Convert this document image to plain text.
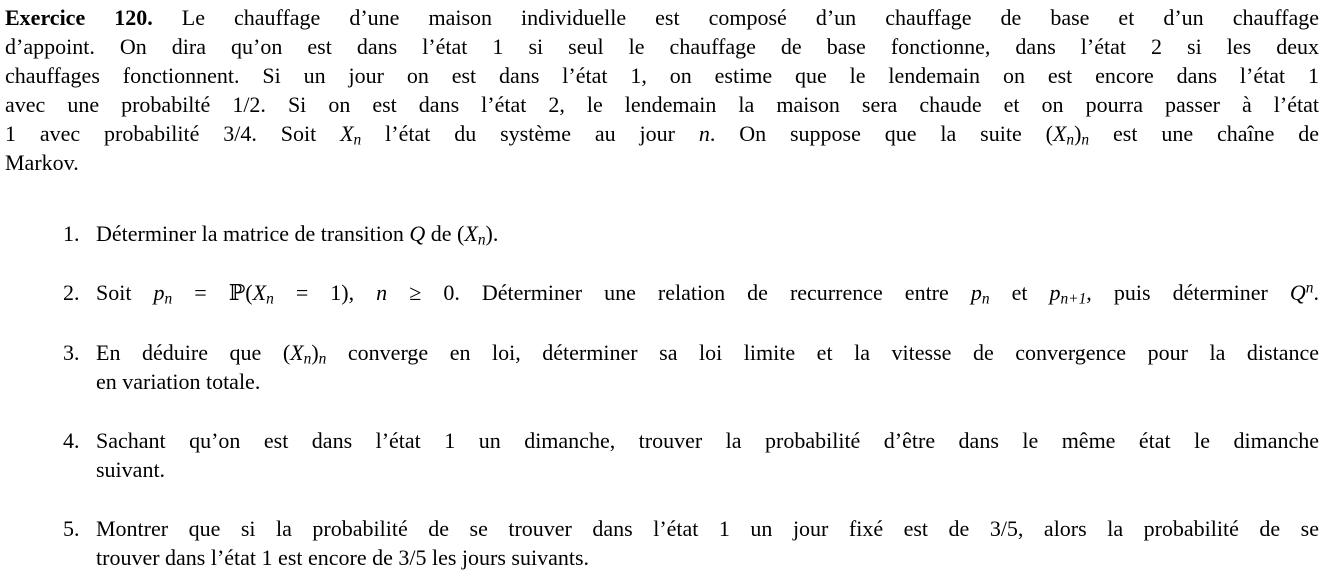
Exercice 120. Le chauffage d’une maison individuelle est composé d’un chauffage de base et d’un chauffage
d’appoint. On dira qu’on est dans l’état 1 si seul le chauffage de base fonctionne, dans l’état 2 si les deux
chauffages fonctionnent. Si un jour on est dans l’état 1, on estime que le lendemain on est encore dans l’état 1
avec une probabilté 1/2. Si on est dans l’état 2, le lendemain la maison sera chaude et on pourra passer à l’état
1 avec probabilité 3/4. Soit Xn l’état du système au jour n. On suppose que la suite (Xn)n est une chaîne de
Markov.
1. Déterminer la matrice de transition Q de (Xn).
2. Soit pn = ℙ(Xn = 1), n ≥ 0. Déterminer une relation de recurrence entre pn et pn+1, puis déterminer $Q^n$.
3. En déduire que (Xn)n converge en loi, déterminer sa loi limite et la vitesse de convergence pour la distance
en variation totale.
4. Sachant qu’on est dans l’état 1 un dimanche, trouver la probabilité d’être dans le même état le dimanche
suivant.
5. Montrer que si la probabilité de se trouver dans l’état 1 un jour fixé est de 3/5, alors la probabilité de se
trouver dans l’état 1 est encore de 3/5 les jours suivants.
